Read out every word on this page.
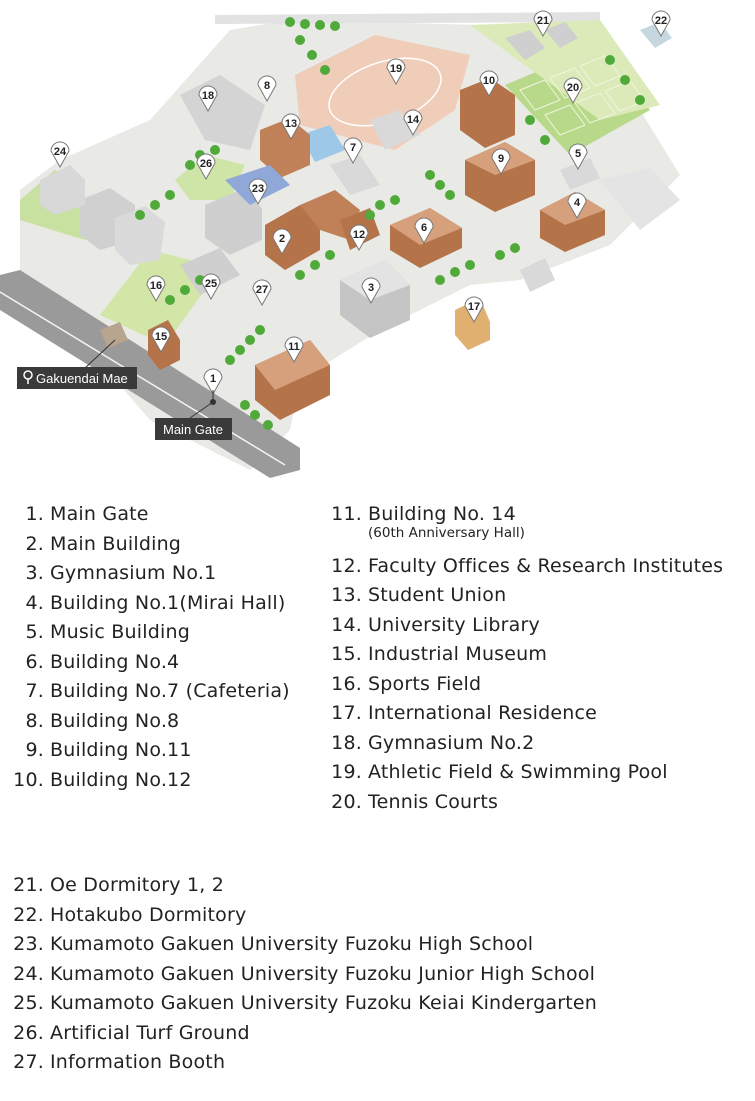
1
2
3
4
5
6
7
8
9
10
11
12
13	14
15
16
17
18
19
20
21	22
23
24
25
26
27
Gakuendai Mae
Main Gate
1. Main Gate
2. Main Building
3. Gymnasium No.1
4. Building No.1(Mirai Hall)
5. Music Building
6. Building No.4
7. Building No.7 (Cafeteria)
8. Building No.8
9. Building No.11
10. Building No.12
11. Building No. 14
(60th Anniversary Hall)
12. Faculty Offices & Research Institutes
13. Student Union
14. University Library
15. Industrial Museum
16. Sports Field
17. International Residence
18. Gymnasium No.2
19. Athletic Field & Swimming Pool
20. Tennis Courts
21. Oe Dormitory 1, 2
22. Hotakubo Dormitory
23. Kumamoto Gakuen University Fuzoku High School
24. Kumamoto Gakuen University Fuzoku Junior High School
25. Kumamoto Gakuen University Fuzoku Keiai Kindergarten
26. Artificial Turf Ground
27. Information Booth
